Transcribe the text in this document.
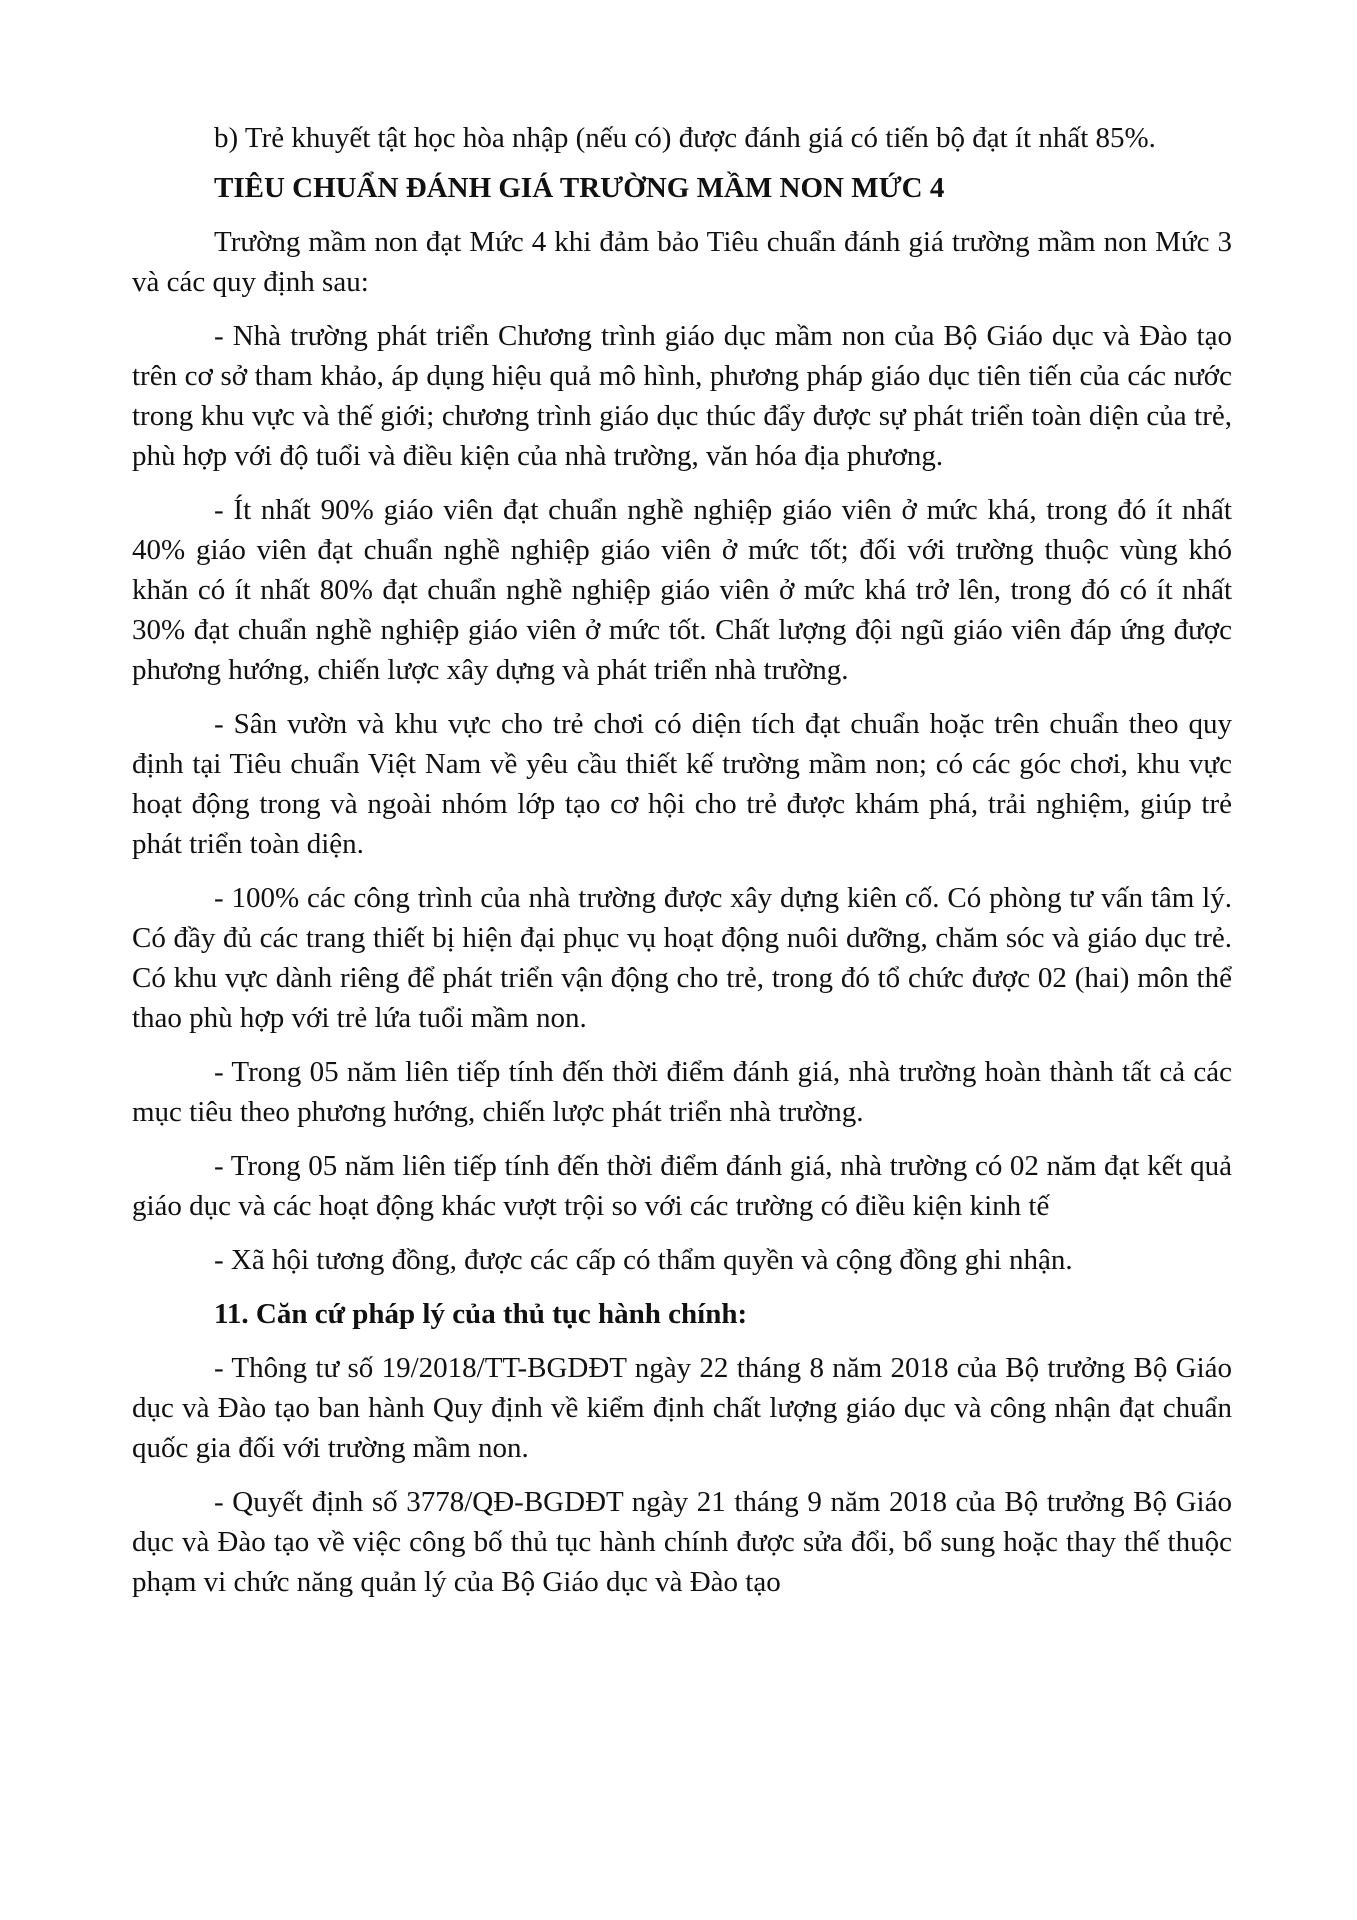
b) Trẻ khuyết tật học hòa nhập (nếu có) được đánh giá có tiến bộ đạt ít nhất 85%.

TIÊU CHUẨN ĐÁNH GIÁ TRƯỜNG MẦM NON MỨC 4

Trường mầm non đạt Mức 4 khi đảm bảo Tiêu chuẩn đánh giá trường mầm non Mức 3 và các quy định sau:

- Nhà trường phát triển Chương trình giáo dục mầm non của Bộ Giáo dục và Đào tạo trên cơ sở tham khảo, áp dụng hiệu quả mô hình, phương pháp giáo dục tiên tiến của các nước trong khu vực và thế giới; chương trình giáo dục thúc đẩy được sự phát triển toàn diện của trẻ, phù hợp với độ tuổi và điều kiện của nhà trường, văn hóa địa phương.

- Ít nhất 90% giáo viên đạt chuẩn nghề nghiệp giáo viên ở mức khá, trong đó ít nhất 40% giáo viên đạt chuẩn nghề nghiệp giáo viên ở mức tốt; đối với trường thuộc vùng khó khăn có ít nhất 80% đạt chuẩn nghề nghiệp giáo viên ở mức khá trở lên, trong đó có ít nhất 30% đạt chuẩn nghề nghiệp giáo viên ở mức tốt. Chất lượng đội ngũ giáo viên đáp ứng được phương hướng, chiến lược xây dựng và phát triển nhà trường.

- Sân vườn và khu vực cho trẻ chơi có diện tích đạt chuẩn hoặc trên chuẩn theo quy định tại Tiêu chuẩn Việt Nam về yêu cầu thiết kế trường mầm non; có các góc chơi, khu vực hoạt động trong và ngoài nhóm lớp tạo cơ hội cho trẻ được khám phá, trải nghiệm, giúp trẻ phát triển toàn diện.

- 100% các công trình của nhà trường được xây dựng kiên cố. Có phòng tư vấn tâm lý. Có đầy đủ các trang thiết bị hiện đại phục vụ hoạt động nuôi dưỡng, chăm sóc và giáo dục trẻ. Có khu vực dành riêng để phát triển vận động cho trẻ, trong đó tổ chức được 02 (hai) môn thể thao phù hợp với trẻ lứa tuổi mầm non.

- Trong 05 năm liên tiếp tính đến thời điểm đánh giá, nhà trường hoàn thành tất cả các mục tiêu theo phương hướng, chiến lược phát triển nhà trường.

- Trong 05 năm liên tiếp tính đến thời điểm đánh giá, nhà trường có 02 năm đạt kết quả giáo dục và các hoạt động khác vượt trội so với các trường có điều kiện kinh tế

- Xã hội tương đồng, được các cấp có thẩm quyền và cộng đồng ghi nhận.

11. Căn cứ pháp lý của thủ tục hành chính:

- Thông tư số 19/2018/TT-BGDĐT ngày 22 tháng 8 năm 2018 của Bộ trưởng Bộ Giáo dục và Đào tạo ban hành Quy định về kiểm định chất lượng giáo dục và công nhận đạt chuẩn quốc gia đối với trường mầm non.

- Quyết định số 3778/QĐ-BGDĐT ngày 21 tháng 9 năm 2018 của Bộ trưởng Bộ Giáo dục và Đào tạo về việc công bố thủ tục hành chính được sửa đổi, bổ sung hoặc thay thế thuộc phạm vi chức năng quản lý của Bộ Giáo dục và Đào tạo
